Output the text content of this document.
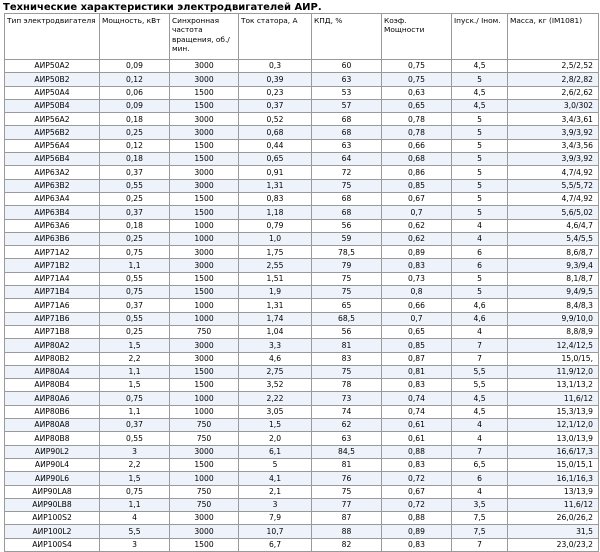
Технические характеристики электродвигателей АИР.
Тип электродвигателя	Мощность, кВт	Синхронная частота вращения, об./мин.	Ток статора, А	КПД, %	Коэф. Мощности	Iпуск./ Iном.	Масса, кг (IM1081)
АИР50А2	0,09	3000	0,3	60	0,75	4,5	2,5/2,52
АИР50В2	0,12	3000	0,39	63	0,75	5	2,8/2,82
АИР50А4	0,06	1500	0,23	53	0,63	4,5	2,6/2,62
АИР50В4	0,09	1500	0,37	57	0,65	4,5	3,0/302
АИР56А2	0,18	3000	0,52	68	0,78	5	3,4/3,61
АИР56В2	0,25	3000	0,68	68	0,78	5	3,9/3,92
АИР56А4	0,12	1500	0,44	63	0,66	5	3,4/3,56
АИР56В4	0,18	1500	0,65	64	0,68	5	3,9/3,92
АИР63А2	0,37	3000	0,91	72	0,86	5	4,7/4,92
АИР63В2	0,55	3000	1,31	75	0,85	5	5,5/5,72
АИР63А4	0,25	1500	0,83	68	0,67	5	4,7/4,92
АИР63В4	0,37	1500	1,18	68	0,7	5	5,6/5,02
АИР63А6	0,18	1000	0,79	56	0,62	4	4,6/4,7
АИР63В6	0,25	1000	1,0	59	0,62	4	5,4/5,5
АИР71А2	0,75	3000	1,75	78,5	0,89	6	8,6/8,7
АИР71В2	1,1	3000	2,55	79	0,83	6	9,3/9,4
АИР71А4	0,55	1500	1,51	75	0,73	5	8,1/8,7
АИР71В4	0,75	1500	1,9	75	0,8	5	9,4/9,5
АИР71А6	0,37	1000	1,31	65	0,66	4,6	8,4/8,3
АИР71В6	0,55	1000	1,74	68,5	0,7	4,6	9,9/10,0
АИР71В8	0,25	750	1,04	56	0,65	4	8,8/8,9
АИР80А2	1,5	3000	3,3	81	0,85	7	12,4/12,5
АИР80В2	2,2	3000	4,6	83	0,87	7	15,0/15,
АИР80А4	1,1	1500	2,75	75	0,81	5,5	11,9/12,0
АИР80В4	1,5	1500	3,52	78	0,83	5,5	13,1/13,2
АИР80А6	0,75	1000	2,22	73	0,74	4,5	11,6/12
АИР80В6	1,1	1000	3,05	74	0,74	4,5	15,3/13,9
АИР80А8	0,37	750	1,5	62	0,61	4	12,1/12,0
АИР80В8	0,55	750	2,0	63	0,61	4	13,0/13,9
АИР90L2	3	3000	6,1	84,5	0,88	7	16,6/17,3
АИР90L4	2,2	1500	5	81	0,83	6,5	15,0/15,1
АИР90L6	1,5	1000	4,1	76	0,72	6	16,1/16,3
АИР90LA8	0,75	750	2,1	75	0,67	4	13/13,9
АИР90LB8	1,1	750	3	77	0,72	3,5	11,6/12
АИР100S2	4	3000	7,9	87	0,88	7,5	26,0/26,2
АИР100L2	5,5	3000	10,7	88	0,89	7,5	31,5
АИР100S4	3	1500	6,7	82	0,83	7	23,0/23,2
